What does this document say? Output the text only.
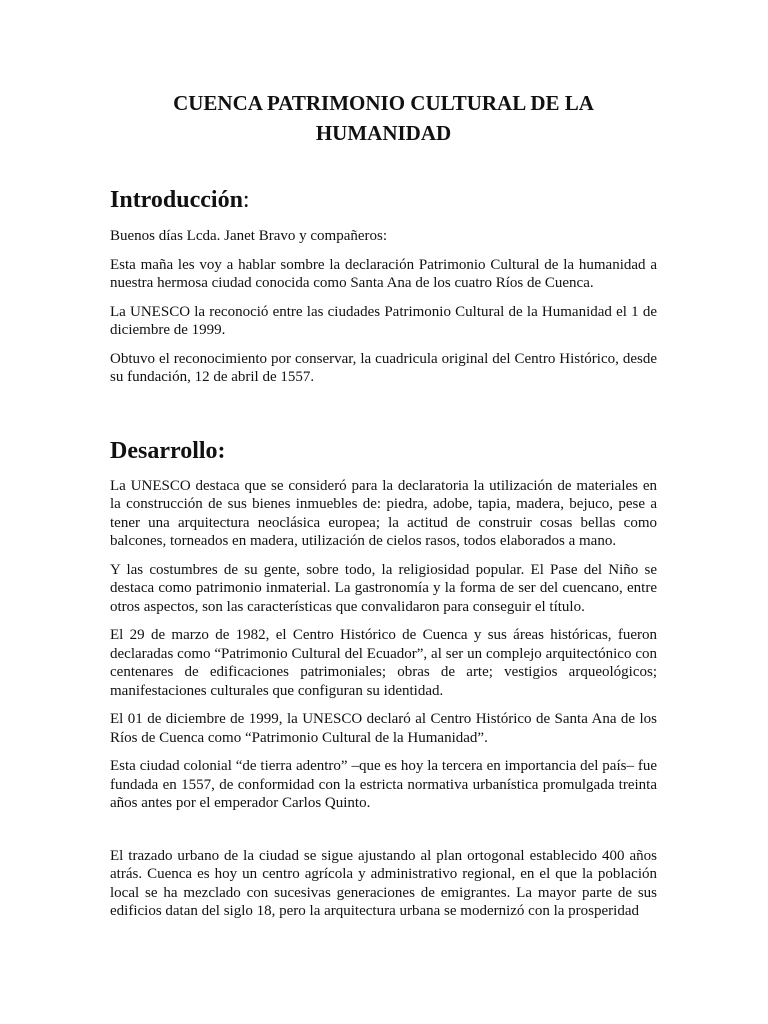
CUENCA PATRIMONIO CULTURAL DE LA
HUMANIDAD
Introducción:

Buenos días Lcda. Janet Bravo y compañeros:

Esta maña les voy a hablar sombre la declaración Patrimonio Cultural de la humanidad a nuestra hermosa ciudad conocida como Santa Ana de los cuatro Ríos de Cuenca.

La UNESCO la reconoció entre las ciudades Patrimonio Cultural de la Humanidad el 1 de diciembre de 1999.

Obtuvo el reconocimiento por conservar, la cuadricula original del Centro Histórico, desde su fundación, 12 de abril de 1557.

Desarrollo:

La UNESCO destaca que se consideró para la declaratoria la utilización de materiales en la construcción de sus bienes inmuebles de: piedra, adobe, tapia, madera, bejuco, pese a tener una arquitectura neoclásica europea; la actitud de construir cosas bellas como balcones, torneados en madera, utilización de cielos rasos, todos elaborados a mano.

Y las costumbres de su gente, sobre todo, la religiosidad popular. El Pase del Niño se destaca como patrimonio inmaterial. La gastronomía y la forma de ser del cuencano, entre otros aspectos, son las características que convalidaron para conseguir el título.

El 29 de marzo de 1982, el Centro Histórico de Cuenca y sus áreas históricas, fueron declaradas como “Patrimonio Cultural del Ecuador”, al ser un complejo arquitectónico con centenares de edificaciones patrimoniales; obras de arte; vestigios arqueológicos; manifestaciones culturales que configuran su identidad.

El 01 de diciembre de 1999, la UNESCO declaró al Centro Histórico de Santa Ana de los Ríos de Cuenca como “Patrimonio Cultural de la Humanidad”.

Esta ciudad colonial “de tierra adentro” –que es hoy la tercera en importancia del país– fue fundada en 1557, de conformidad con la estricta normativa urbanística promulgada treinta años antes por el emperador Carlos Quinto.

El trazado urbano de la ciudad se sigue ajustando al plan ortogonal establecido 400 años atrás. Cuenca es hoy un centro agrícola y administrativo regional, en el que la población local se ha mezclado con sucesivas generaciones de emigrantes. La mayor parte de sus edificios datan del siglo 18, pero la arquitectura urbana se modernizó con la prosperidad
